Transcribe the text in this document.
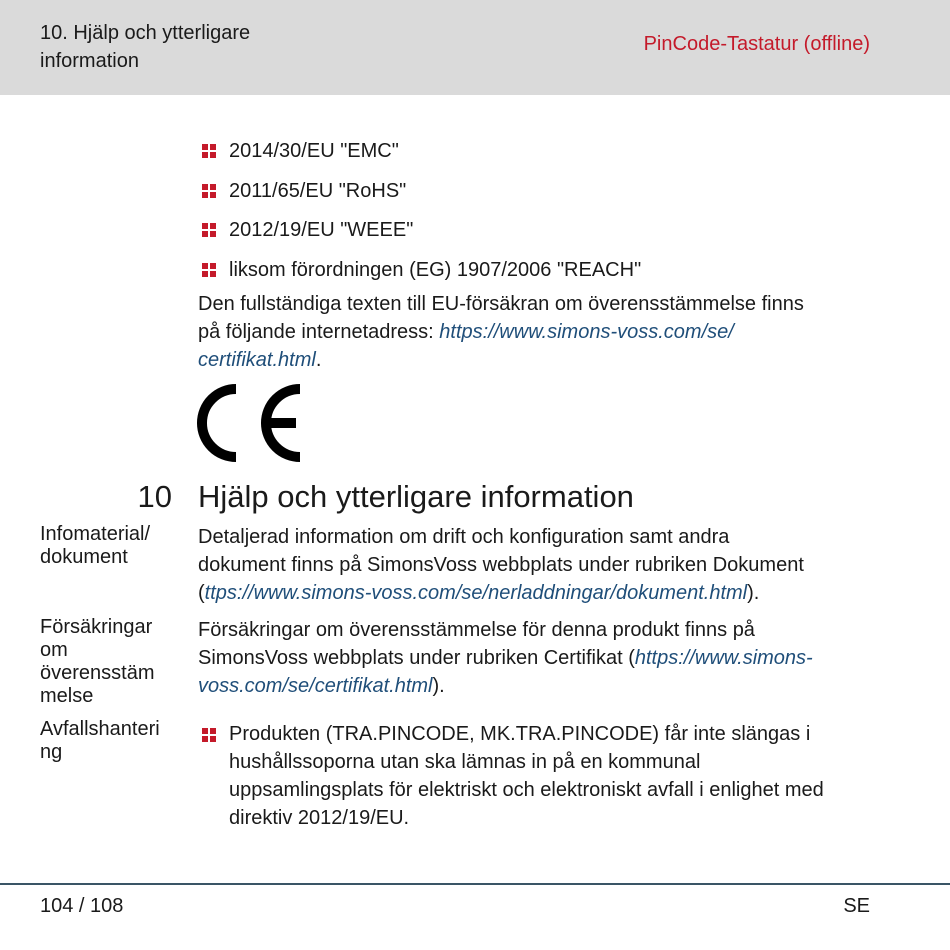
10. Hjälp och ytterligare
information
PinCode-Tastatur (offline)
2014/30/EU "EMC"
2011/65/EU "RoHS"
2012/19/EU "WEEE"
liksom förordningen (EG) 1907/2006 "REACH"
Den fullständiga texten till EU-försäkran om överensstämmelse finns
på följande internetadress: https://www.simons-voss.com/se/
certifikat.html.
10 Hjälp och ytterligare information
Infomaterial/
dokument
Detaljerad information om drift och konfiguration samt andra
dokument finns på SimonsVoss webbplats under rubriken Dokument
(ttps://www.simons-voss.com/se/nerladdningar/dokument.html).
Försäkringar
om
överensstäm
melse
Försäkringar om överensstämmelse för denna produkt finns på
SimonsVoss webbplats under rubriken Certifikat (https://www.simons-
voss.com/se/certifikat.html).
Avfallshanteri
ng
Produkten (TRA.PINCODE, MK.TRA.PINCODE) får inte slängas i
hushållssoporna utan ska lämnas in på en kommunal
uppsamlingsplats för elektriskt och elektroniskt avfall i enlighet med
direktiv 2012/19/EU.
104 / 108	SE
